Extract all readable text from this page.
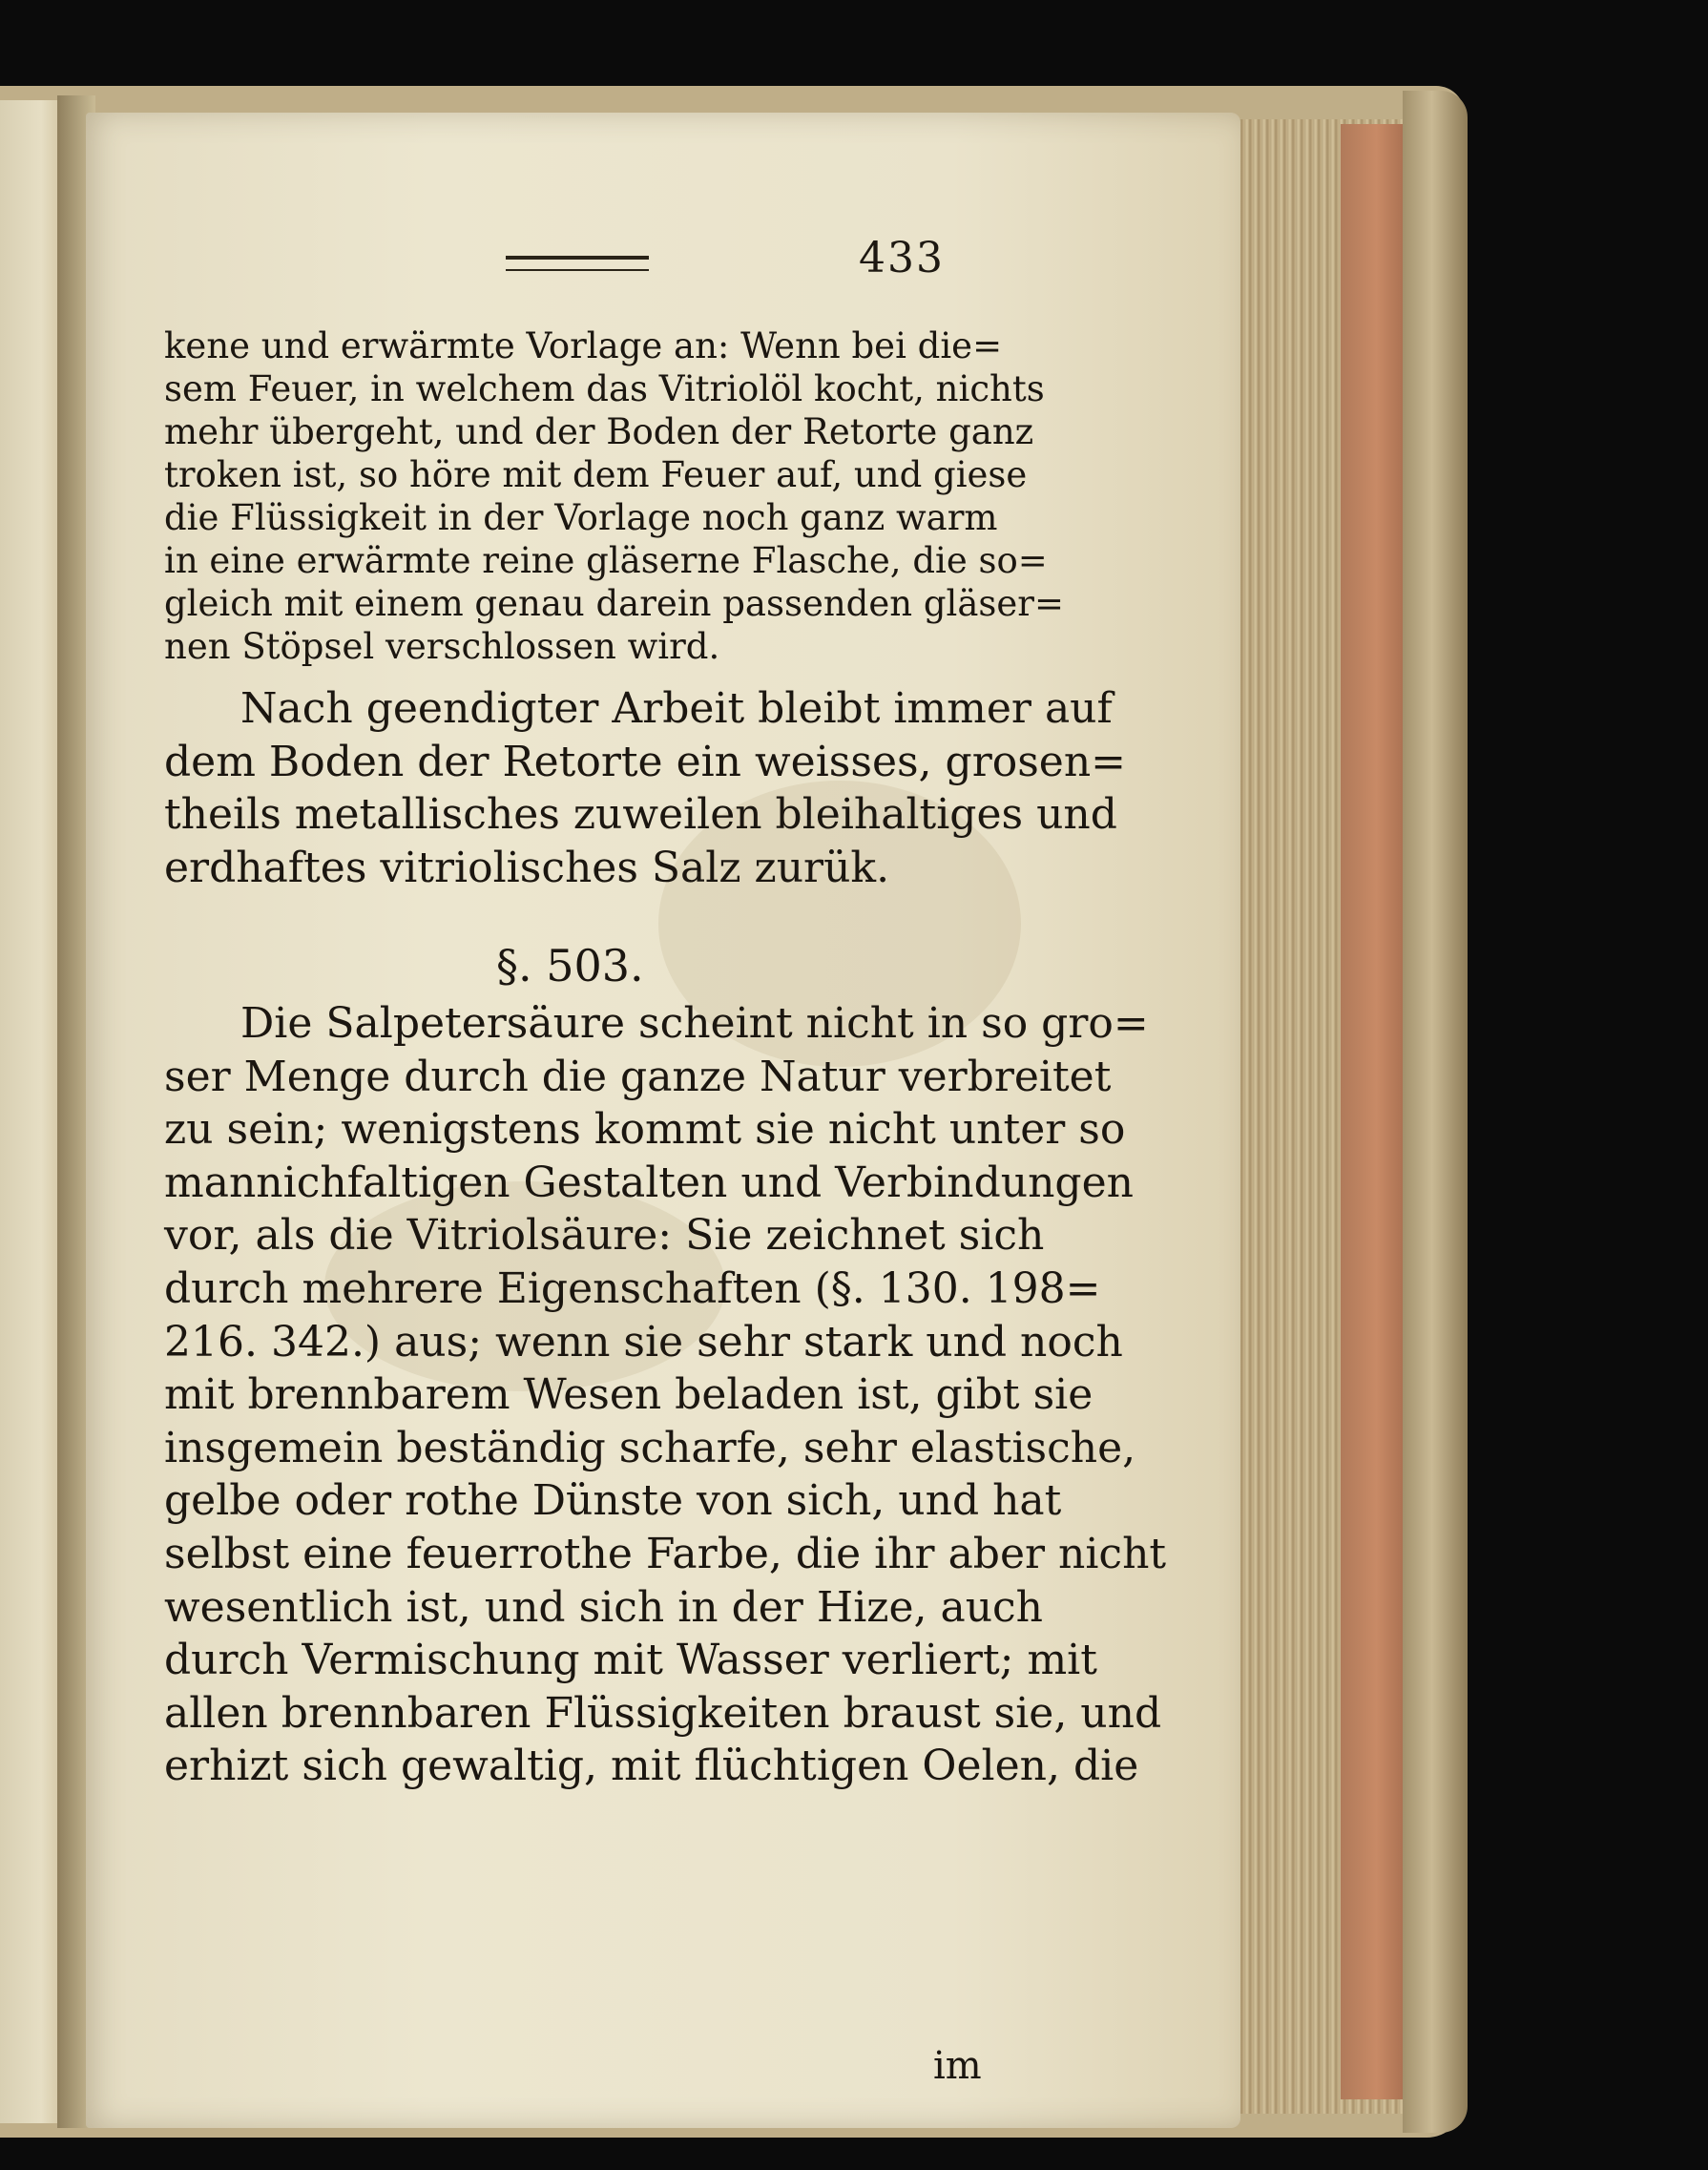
433
kene und erwärmte Vorlage an: Wenn bei die=
sem Feuer, in welchem das Vitriolöl kocht, nichts
mehr übergeht, und der Boden der Retorte ganz
troken ist, so höre mit dem Feuer auf, und giese
die Flüssigkeit in der Vorlage noch ganz warm
in eine erwärmte reine gläserne Flasche, die so=
gleich mit einem genau darein passenden gläser=
nen Stöpsel verschlossen wird.
Nach geendigter Arbeit bleibt immer auf
dem Boden der Retorte ein weisses, grosen=
theils metallisches zuweilen bleihaltiges und
erdhaftes vitriolisches Salz zurük.
§. 503.
Die Salpetersäure scheint nicht in so gro=
ser Menge durch die ganze Natur verbreitet
zu sein; wenigstens kommt sie nicht unter so
mannichfaltigen Gestalten und Verbindungen
vor, als die Vitriolsäure: Sie zeichnet sich
durch mehrere Eigenschaften (§. 130. 198=
216. 342.) aus; wenn sie sehr stark und noch
mit brennbarem Wesen beladen ist, gibt sie
insgemein beständig scharfe, sehr elastische,
gelbe oder rothe Dünste von sich, und hat
selbst eine feuerrothe Farbe, die ihr aber nicht
wesentlich ist, und sich in der Hize, auch
durch Vermischung mit Wasser verliert; mit
allen brennbaren Flüssigkeiten braust sie, und
erhizt sich gewaltig, mit flüchtigen Oelen, die
im
